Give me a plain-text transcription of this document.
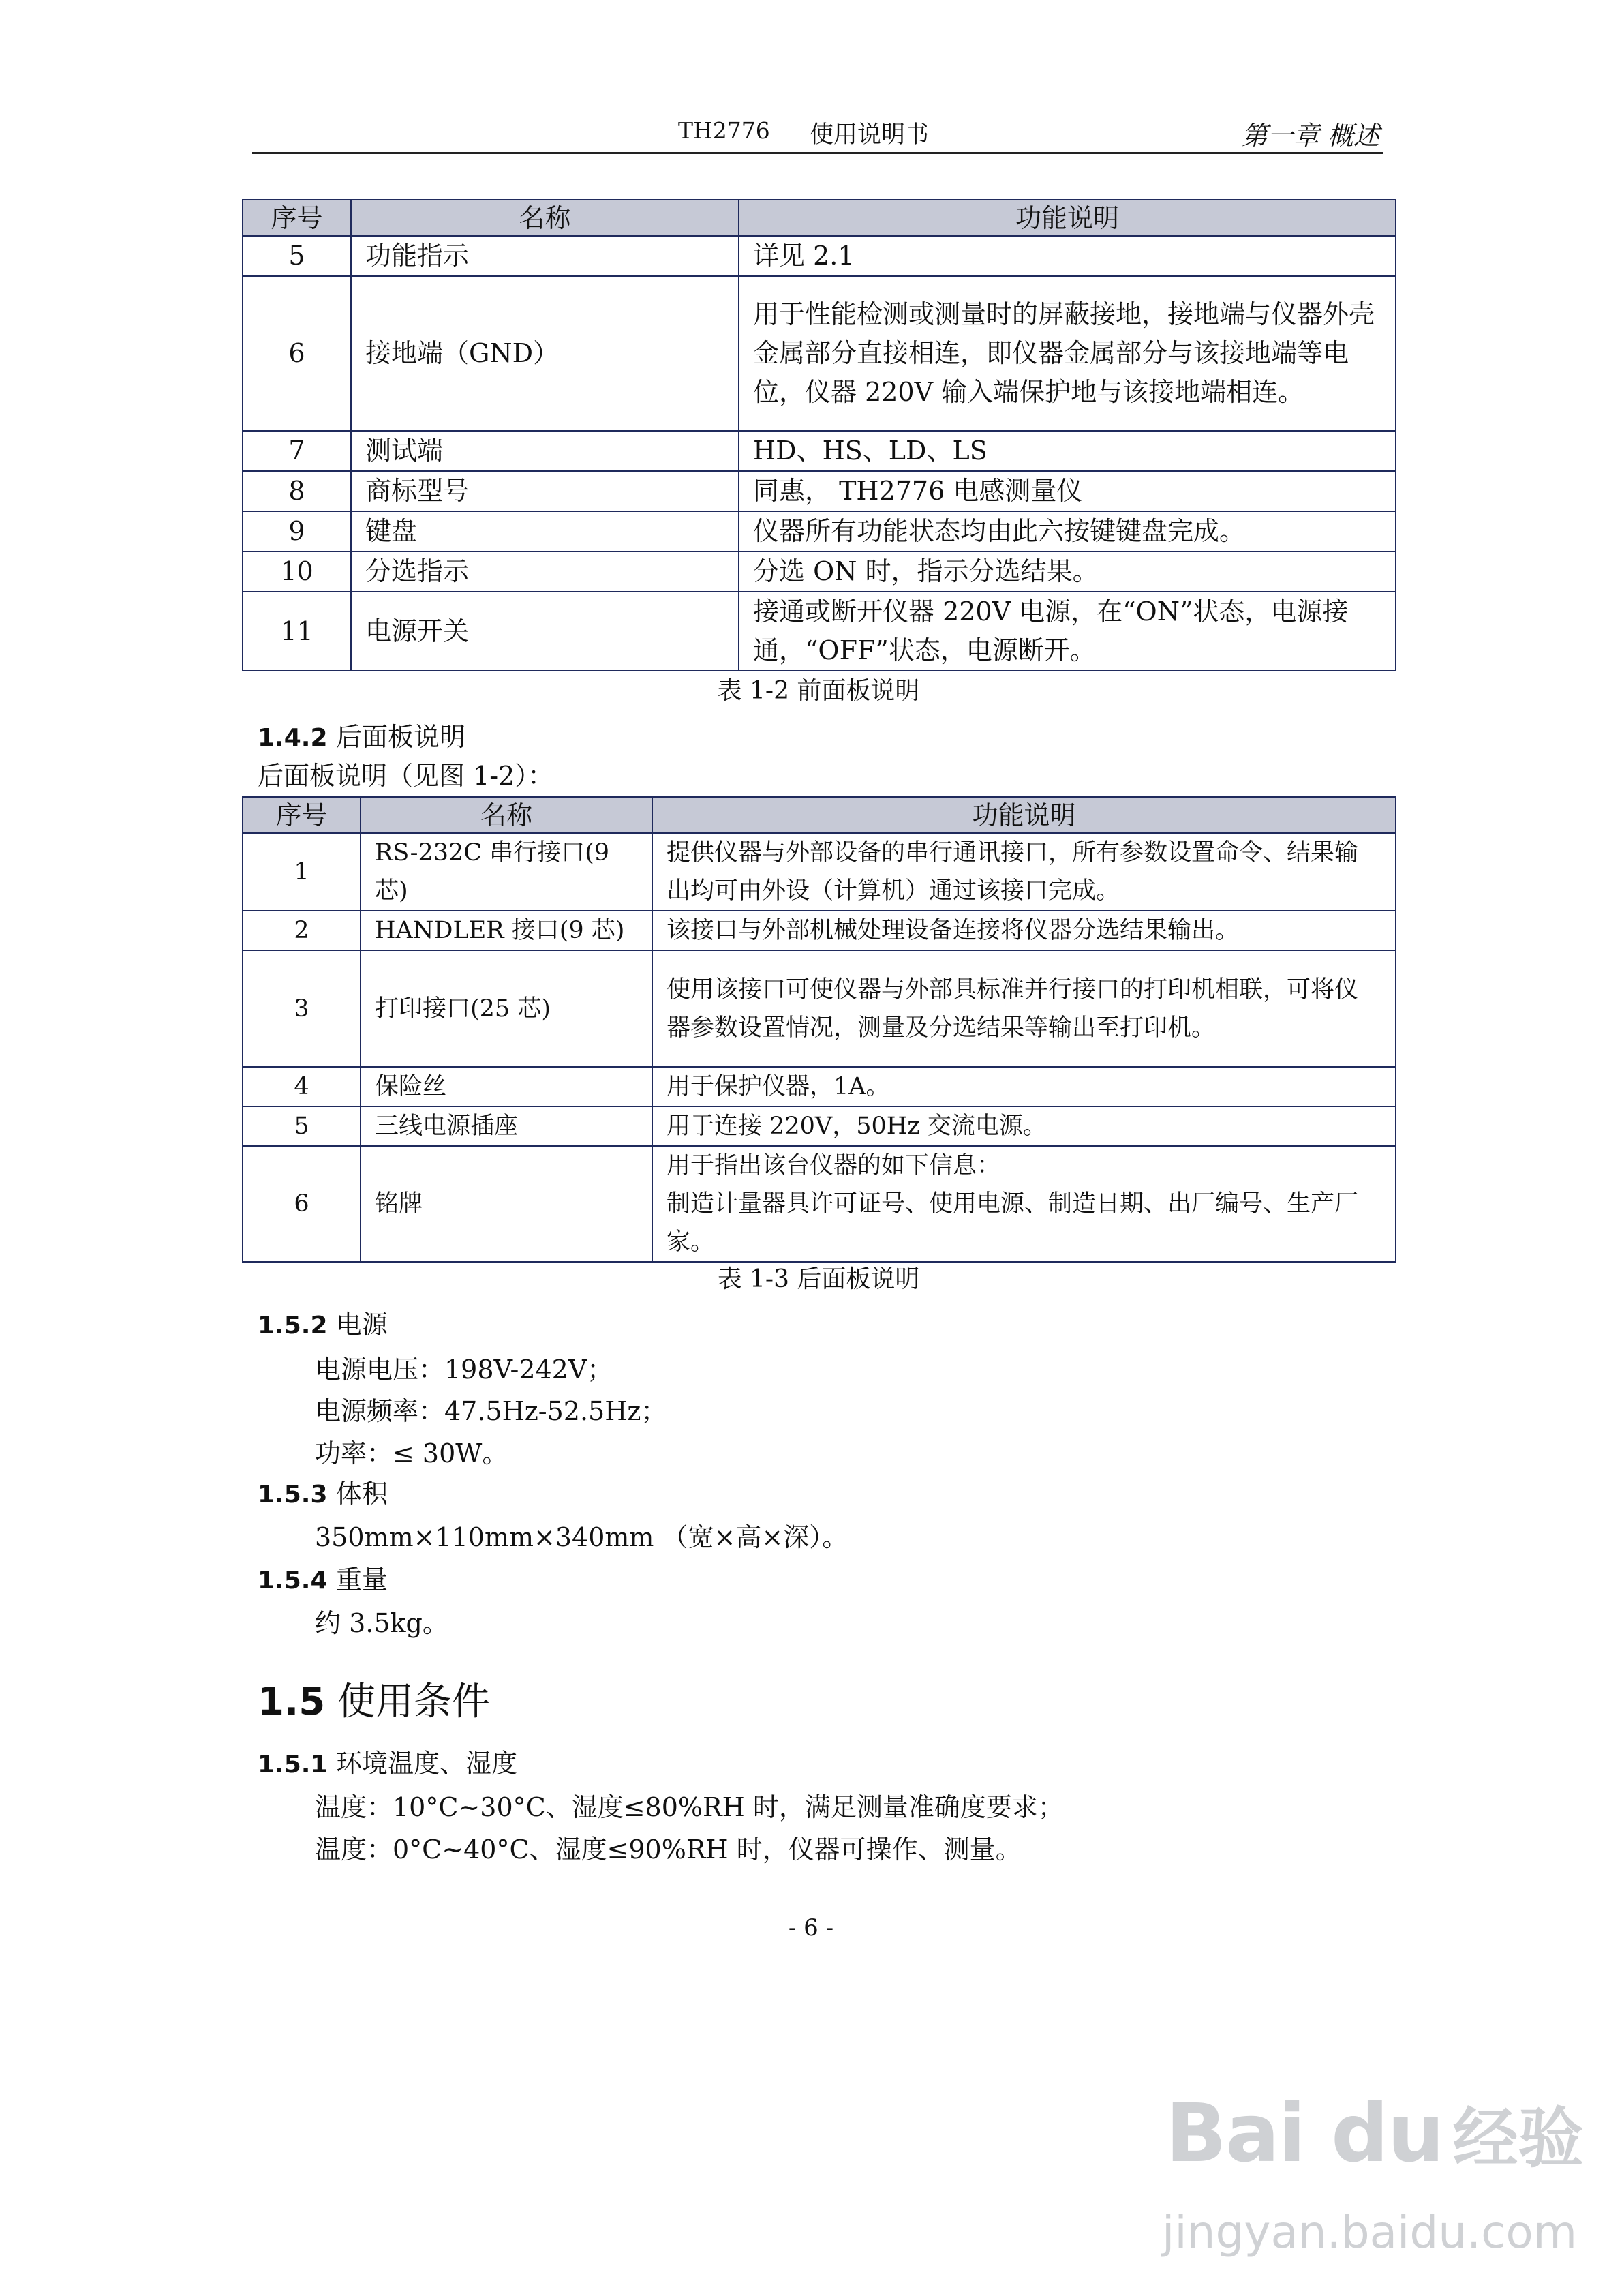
TH2776 使用说明书	第一章 概述
序号	名称	功能说明
5	功能指示	详见 2.1
6	接地端（GND）	用于性能检测或测量时的屏蔽接地，接地端与仪器外壳金属部分直接相连，即仪器金属部分与该接地端等电位，仪器 220V 输入端保护地与该接地端相连。
7	测试端	HD、HS、LD、LS
8	商标型号	同惠， TH2776 电感测量仪
9	键盘	仪器所有功能状态均由此六按键键盘完成。
10	分选指示	分选 ON 时，指示分选结果。
11	电源开关	接通或断开仪器 220V 电源，在“ON”状态，电源接通，“OFF”状态，电源断开。
表 1-2 前面板说明
1.4.2 后面板说明
后面板说明（见图 1-2）：
序号	名称	功能说明
1	RS-232C 串行接口(9芯)	提供仪器与外部设备的串行通讯接口，所有参数设置命令、结果输出均可由外设（计算机）通过该接口完成。
2	HANDLER 接口(9 芯)	该接口与外部机械处理设备连接将仪器分选结果输出。
3	打印接口(25 芯)	使用该接口可使仪器与外部具标准并行接口的打印机相联，可将仪器参数设置情况，测量及分选结果等输出至打印机。
4	保险丝	用于保护仪器，1A。
5	三线电源插座	用于连接 220V，50Hz 交流电源。
6	铭牌	用于指出该台仪器的如下信息：
制造计量器具许可证号、使用电源、制造日期、出厂编号、生产厂家。
表 1-3 后面板说明
1.5.2 电源
电源电压：198V-242V；
电源频率：47.5Hz-52.5Hz；
功率：≤ 30W。
1.5.3 体积
350mm×110mm×340mm （宽×高×深）。
1.5.4 重量
约 3.5kg。
1.5 使用条件
1.5.1 环境温度、湿度
温度：10°C~30°C、湿度≤80%RH 时，满足测量准确度要求；
温度：0°C~40°C、湿度≤90%RH 时，仪器可操作、测量。
- 6 -
Bai du 经验
jingyan.baidu.com
